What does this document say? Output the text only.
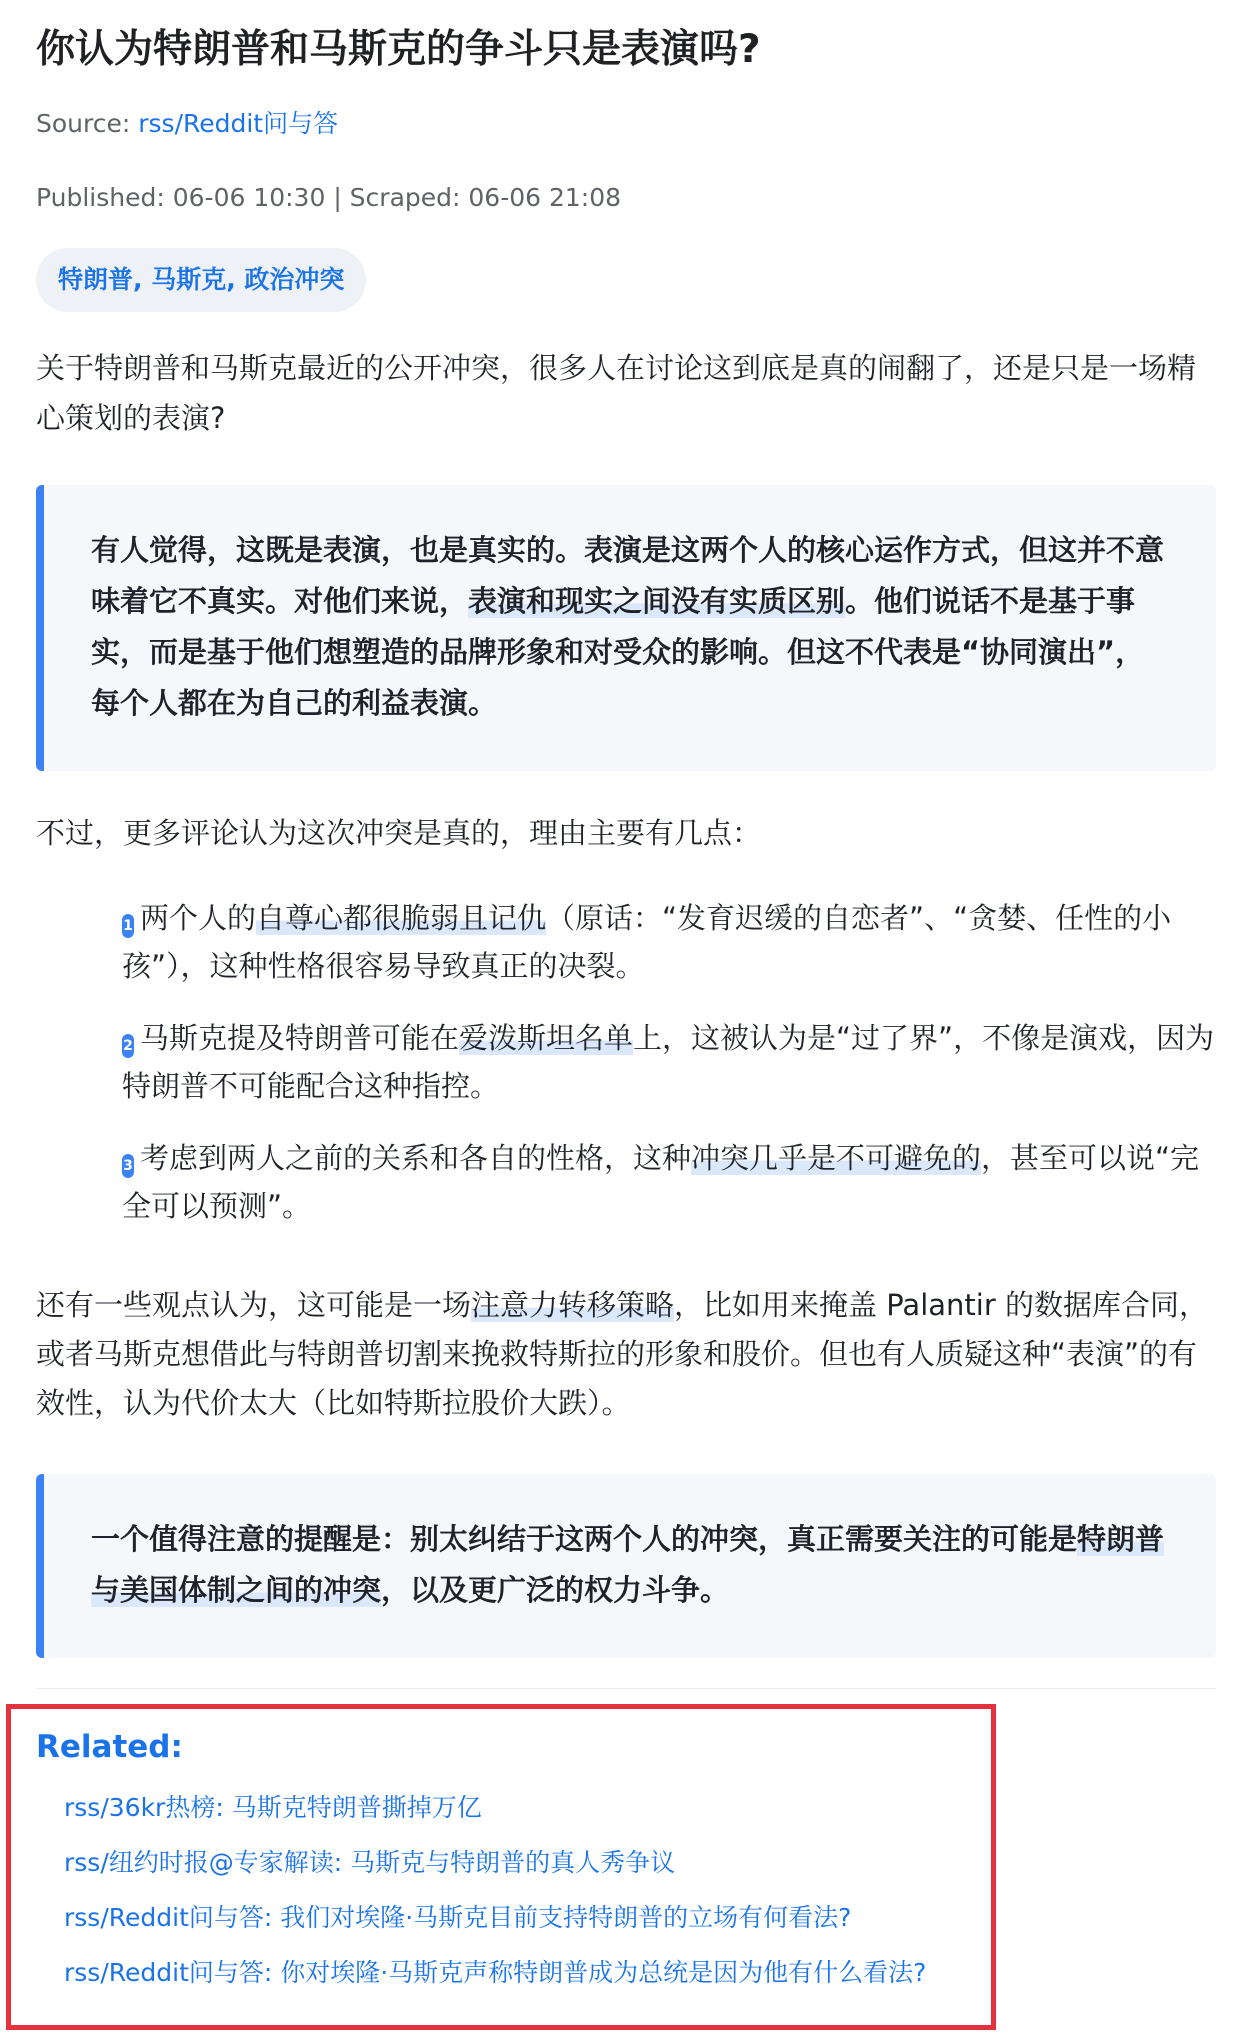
你认为特朗普和马斯克的争斗只是表演吗?
Source: rss/Reddit问与答
Published: 06-06 10:30 | Scraped: 06-06 21:08
特朗普, 马斯克, 政治冲突

关于特朗普和马斯克最近的公开冲突，很多人在讨论这到底是真的闹翻了，还是只是一场精心策划的表演?

有人觉得，这既是表演，也是真实的。表演是这两个人的核心运作方式，但这并不意味着它不真实。对他们来说，表演和现实之间没有实质区别。他们说话不是基于事实，而是基于他们想塑造的品牌形象和对受众的影响。但这不代表是“协同演出”，每个人都在为自己的利益表演。

不过，更多评论认为这次冲突是真的，理由主要有几点：

1 两个人的自尊心都很脆弱且记仇（原话：“发育迟缓的自恋者”、“贪婪、任性的小孩”），这种性格很容易导致真正的决裂。
2 马斯克提及特朗普可能在爱泼斯坦名单上，这被认为是“过了界”，不像是演戏，因为特朗普不可能配合这种指控。
3 考虑到两人之前的关系和各自的性格，这种冲突几乎是不可避免的，甚至可以说“完全可以预测”。

还有一些观点认为，这可能是一场注意力转移策略，比如用来掩盖 Palantir 的数据库合同，或者马斯克想借此与特朗普切割来挽救特斯拉的形象和股价。但也有人质疑这种“表演”的有效性，认为代价太大（比如特斯拉股价大跌）。

一个值得注意的提醒是：别太纠结于这两个人的冲突，真正需要关注的可能是特朗普与美国体制之间的冲突，以及更广泛的权力斗争。
Related:
rss/36kr热榜: 马斯克特朗普撕掉万亿
rss/纽约时报@专家解读: 马斯克与特朗普的真人秀争议
rss/Reddit问与答: 我们对埃隆·马斯克目前支持特朗普的立场有何看法?
rss/Reddit问与答: 你对埃隆·马斯克声称特朗普成为总统是因为他有什么看法?
